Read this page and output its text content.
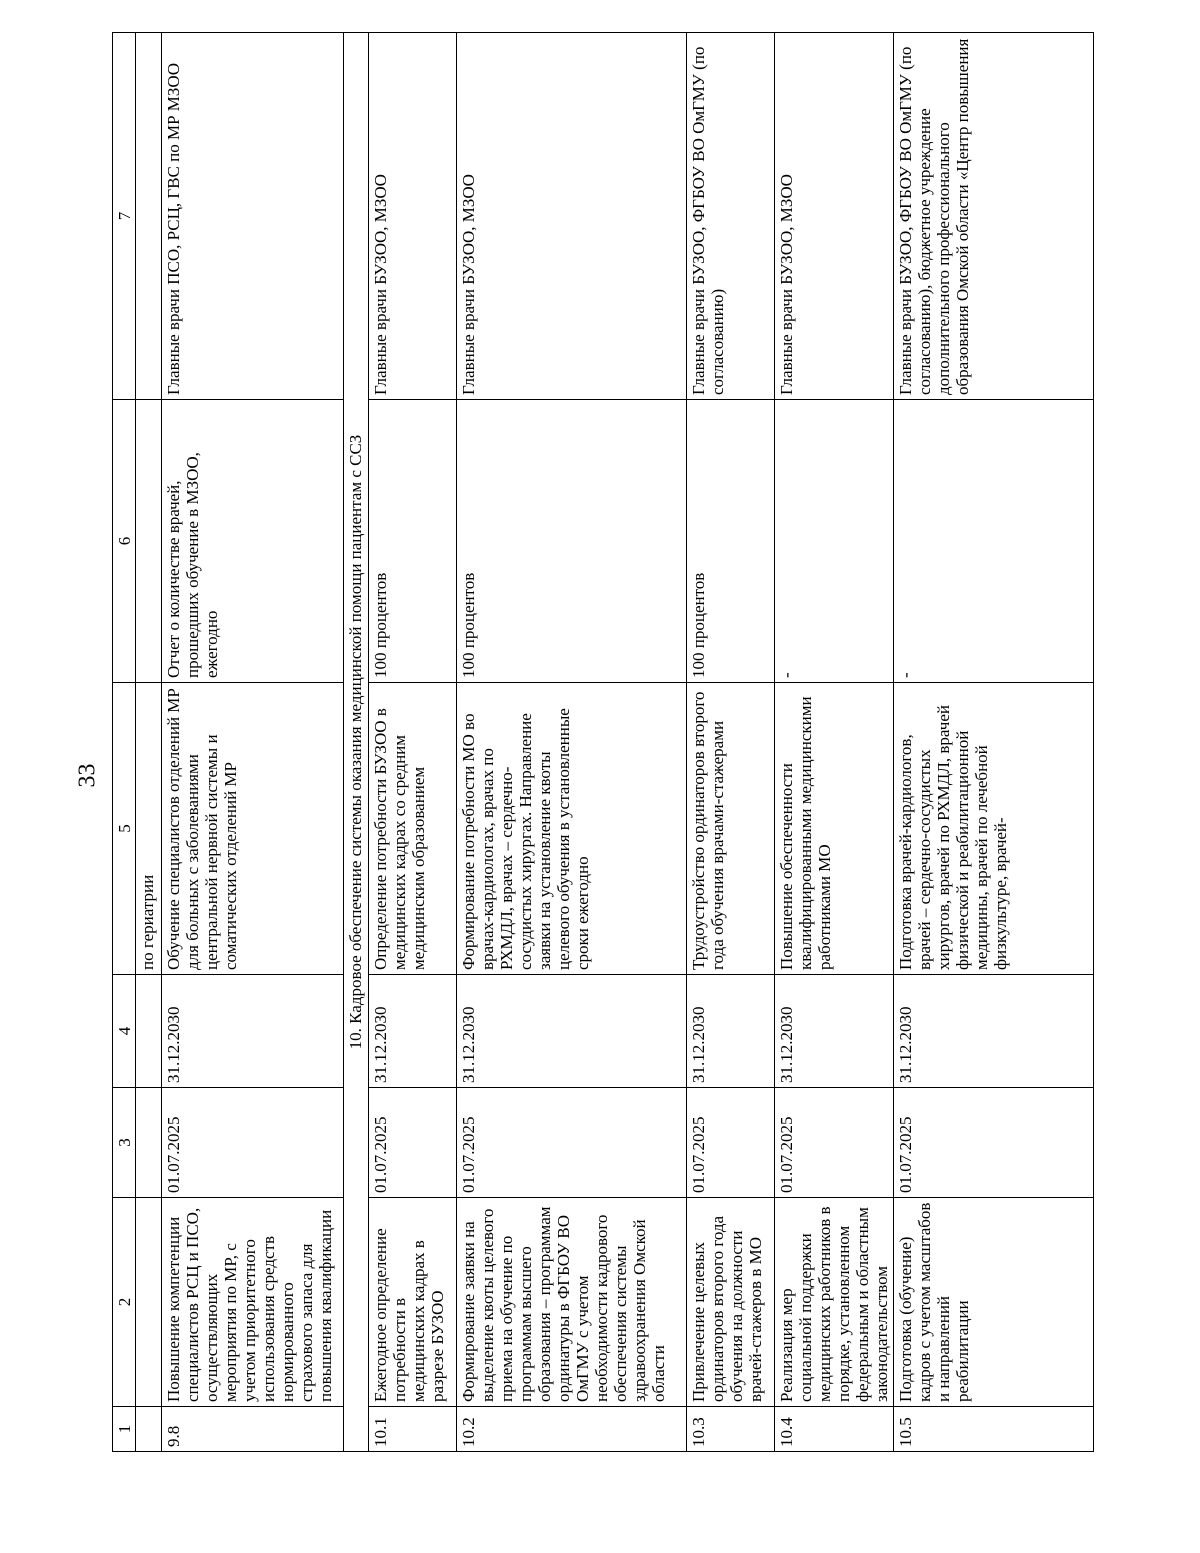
33
1	2	3	4	5	6	7
				по гериатрии		
9.8	Повышение компетенции специалистов РСЦ и ПСО, осуществляющих мероприятия по МР, с учетом приоритетного использования средств нормированного страхового запаса для повышения квалификации	01.07.2025	31.12.2030	Обучение специалистов отделений МР для больных с заболеваниями центральной нервной системы и соматических отделений МР	Отчет о количестве врачей, прошедших обучение в МЗОО, ежегодно	Главные врачи ПСО, РСЦ, ГВС по МР МЗОО
10. Кадровое обеспечение системы оказания медицинской помощи пациентам с ССЗ						
10.1	Ежегодное определение потребности в медицинских кадрах в разрезе БУЗОО	01.07.2025	31.12.2030	Определение потребности БУЗОО в медицинских кадрах со средним медицинским образованием	100 процентов	Главные врачи БУЗОО, МЗОО
10.2	Формирование заявки на выделение квоты целевого приема на обучение по программам высшего образования – программам ординатуры в ФГБОУ ВО ОмГМУ с учетом необходимости кадрового обеспечения системы здравоохранения Омской области	01.07.2025	31.12.2030	Формирование потребности МО во врачах-кардиологах, врачах по РХМДЛ, врачах – сердечно-сосудистых хирургах. Направление заявки на установление квоты целевого обучения в установленные сроки ежегодно	100 процентов	Главные врачи БУЗОО, МЗОО
10.3	Привлечение целевых ординаторов второго года обучения на должности врачей-стажеров в МО	01.07.2025	31.12.2030	Трудоустройство ординаторов второго года обучения врачами-стажерами	100 процентов	Главные врачи БУЗОО, ФГБОУ ВО ОмГМУ (по согласованию)
10.4	Реализация мер социальной поддержки медицинских работников в порядке, установленном федеральным и областным законодательством	01.07.2025	31.12.2030	Повышение обеспеченности квалифицированными медицинскими работниками МО	-	Главные врачи БУЗОО, МЗОО
10.5	Подготовка (обучение) кадров с учетом масштабов и направлений реабилитации	01.07.2025	31.12.2030	Подготовка врачей-кардиологов, врачей – сердечно-сосудистых хирургов, врачей по РХМДЛ, врачей физической и реабилитационной медицины, врачей по лечебной физкультуре, врачей-	-	Главные врачи БУЗОО, ФГБОУ ВО ОмГМУ (по согласованию), бюджетное учреждение дополнительного профессионального образования Омской области «Центр повышения
